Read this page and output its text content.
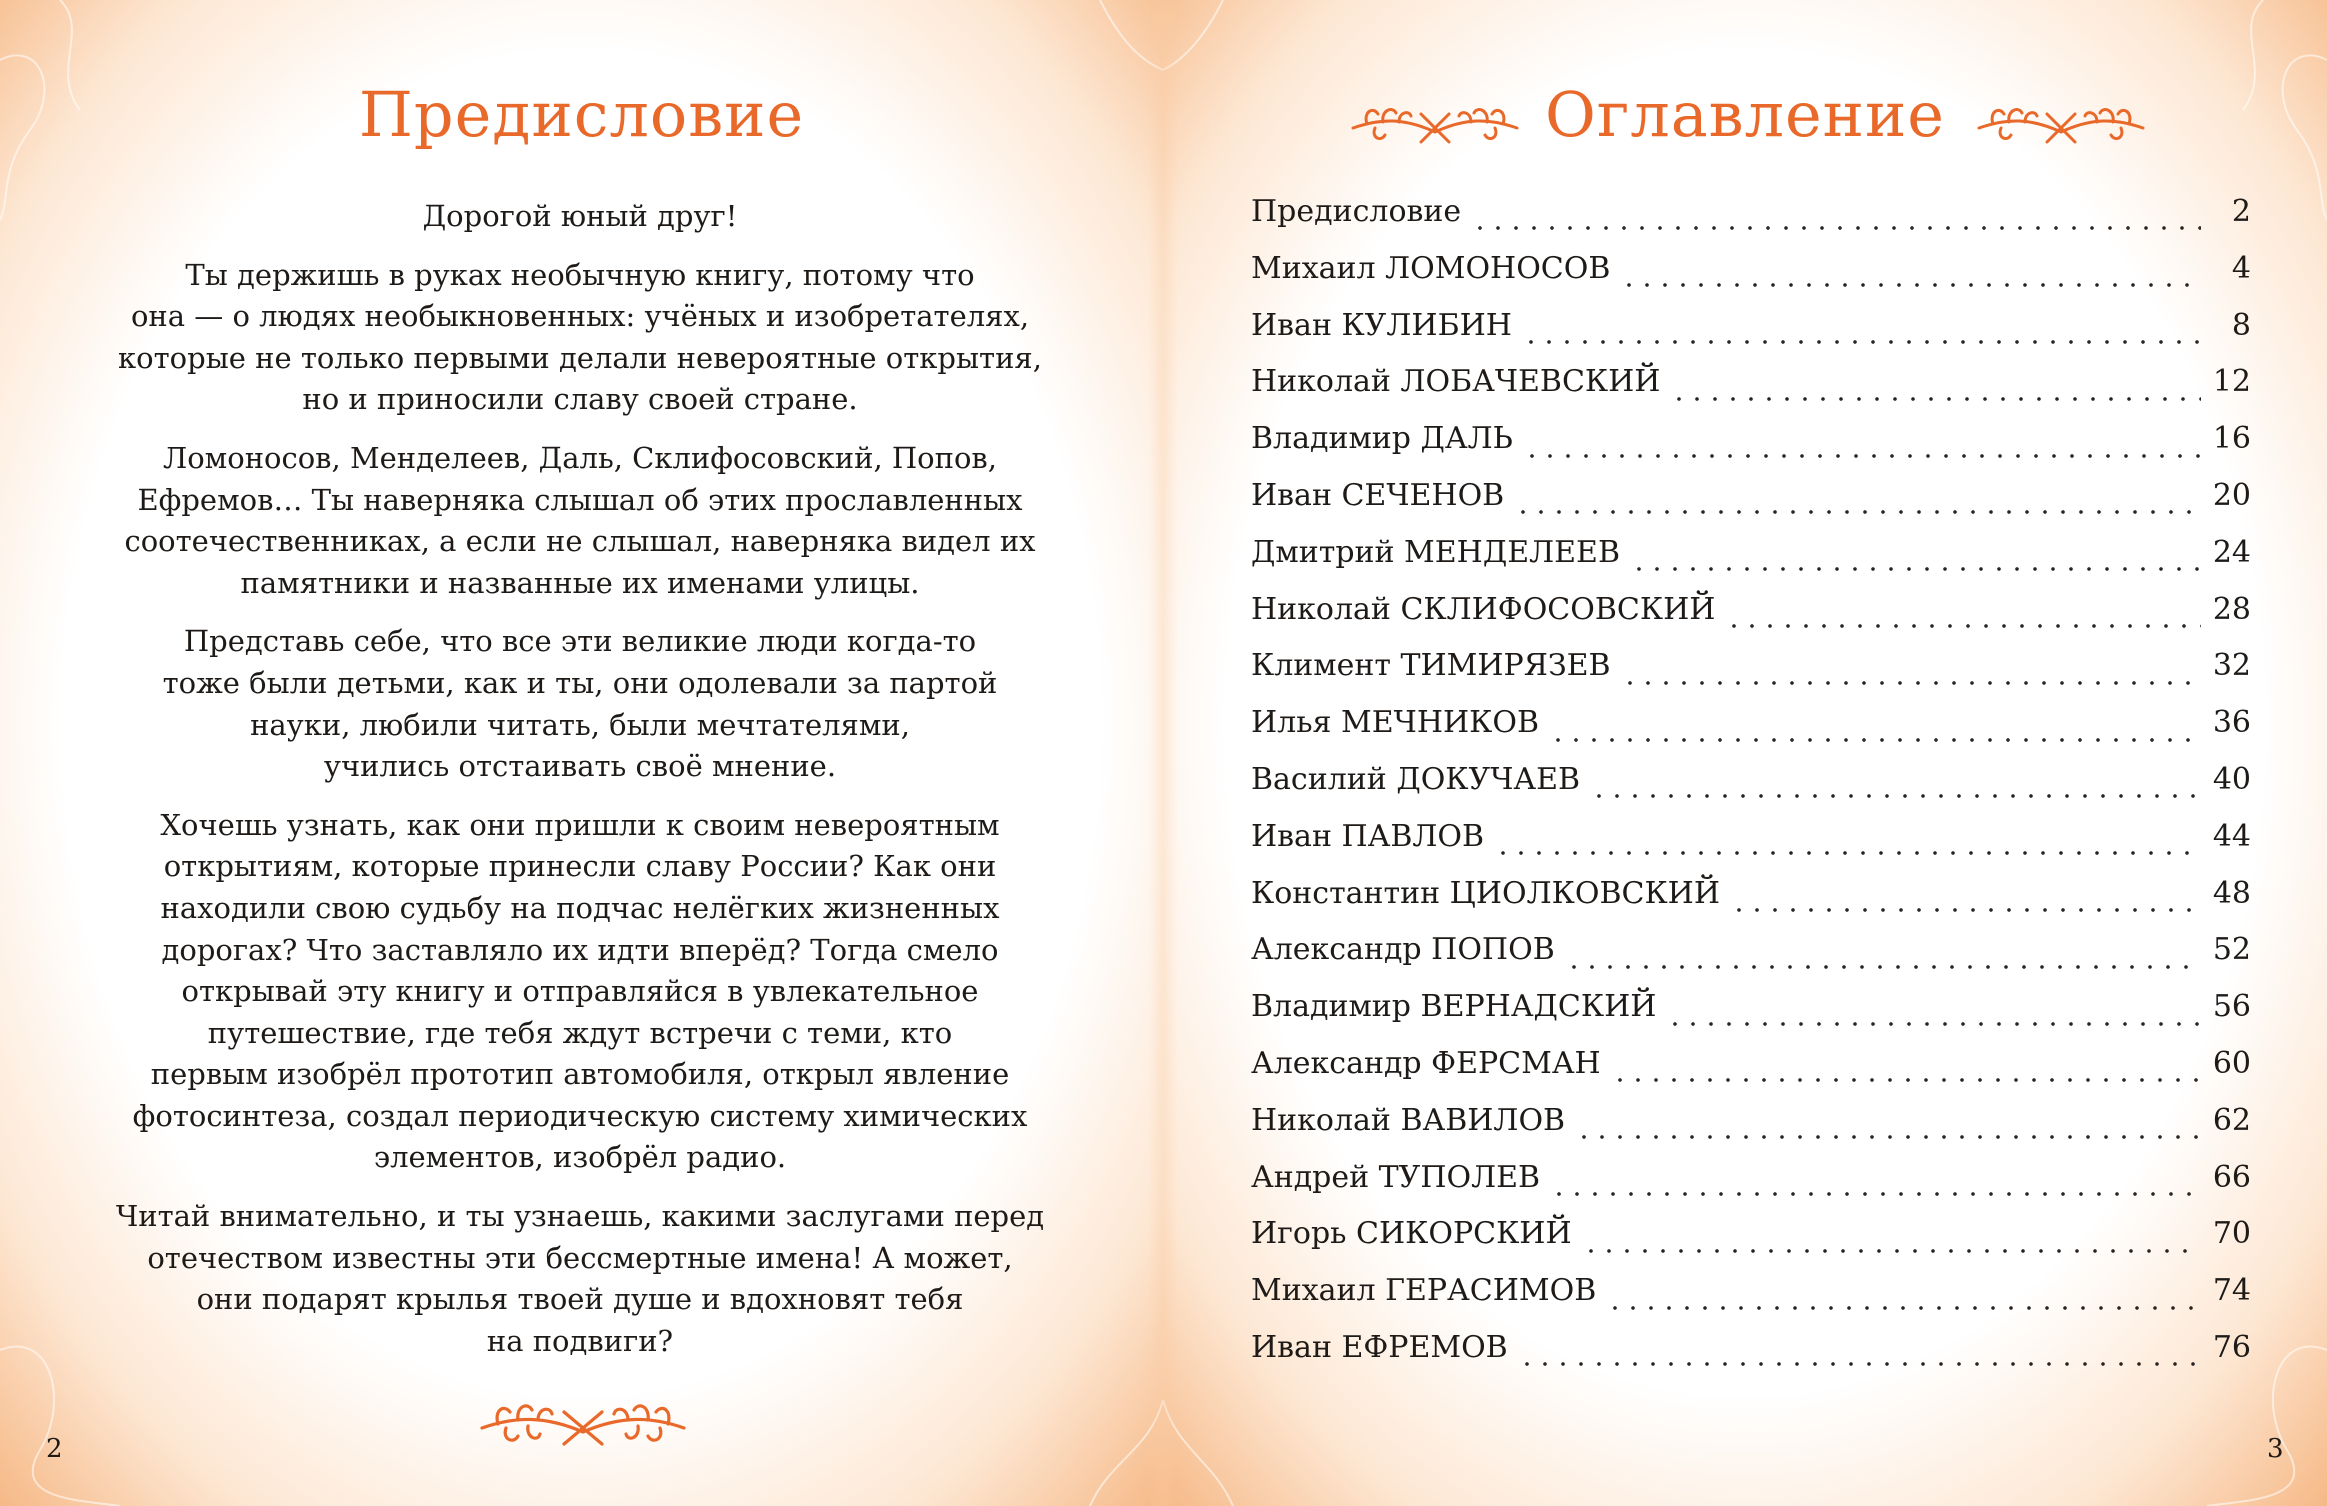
Предисловие

Дорогой юный друг!

Ты держишь в руках необычную книгу, потому что
она — о людях необыкновенных: учёных и изобретателях,
которые не только первыми делали невероятные открытия,
но и приносили славу своей стране.

Ломоносов, Менделеев, Даль, Склифосовский, Попов,
Ефремов… Ты наверняка слышал об этих прославленных
соотечественниках, а если не слышал, наверняка видел их
памятники и названные их именами улицы.

Представь себе, что все эти великие люди когда-то
тоже были детьми, как и ты, они одолевали за партой
науки, любили читать, были мечтателями,
учились отстаивать своё мнение.

Хочешь узнать, как они пришли к своим невероятным
открытиям, которые принесли славу России? Как они
находили свою судьбу на подчас нелёгких жизненных
дорогах? Что заставляло их идти вперёд? Тогда смело
открывай эту книгу и отправляйся в увлекательное
путешествие, где тебя ждут встречи с теми, кто
первым изобрёл прототип автомобиля, открыл явление
фотосинтеза, создал периодическую систему химических
элементов, изобрёл радио.

Читай внимательно, и ты узнаешь, какими заслугами перед
отечеством известны эти бессмертные имена! А может,
они подарят крылья твоей душе и вдохновят тебя
на подвиги?

2
Оглавление
Предисловие	2
Михаил ЛОМОНОСОВ	4
Иван КУЛИБИН	8
Николай ЛОБАЧЕВСКИЙ	12
Владимир ДАЛЬ	16
Иван СЕЧЕНОВ	20
Дмитрий МЕНДЕЛЕЕВ	24
Николай СКЛИФОСОВСКИЙ	28
Климент ТИМИРЯЗЕВ	32
Илья МЕЧНИКОВ	36
Василий ДОКУЧАЕВ	40
Иван ПАВЛОВ	44
Константин ЦИОЛКОВСКИЙ	48
Александр ПОПОВ	52
Владимир ВЕРНАДСКИЙ	56
Александр ФЕРСМАН	60
Николай ВАВИЛОВ	62
Андрей ТУПОЛЕВ	66
Игорь СИКОРСКИЙ	70
Михаил ГЕРАСИМОВ	74
Иван ЕФРЕМОВ	76
3
